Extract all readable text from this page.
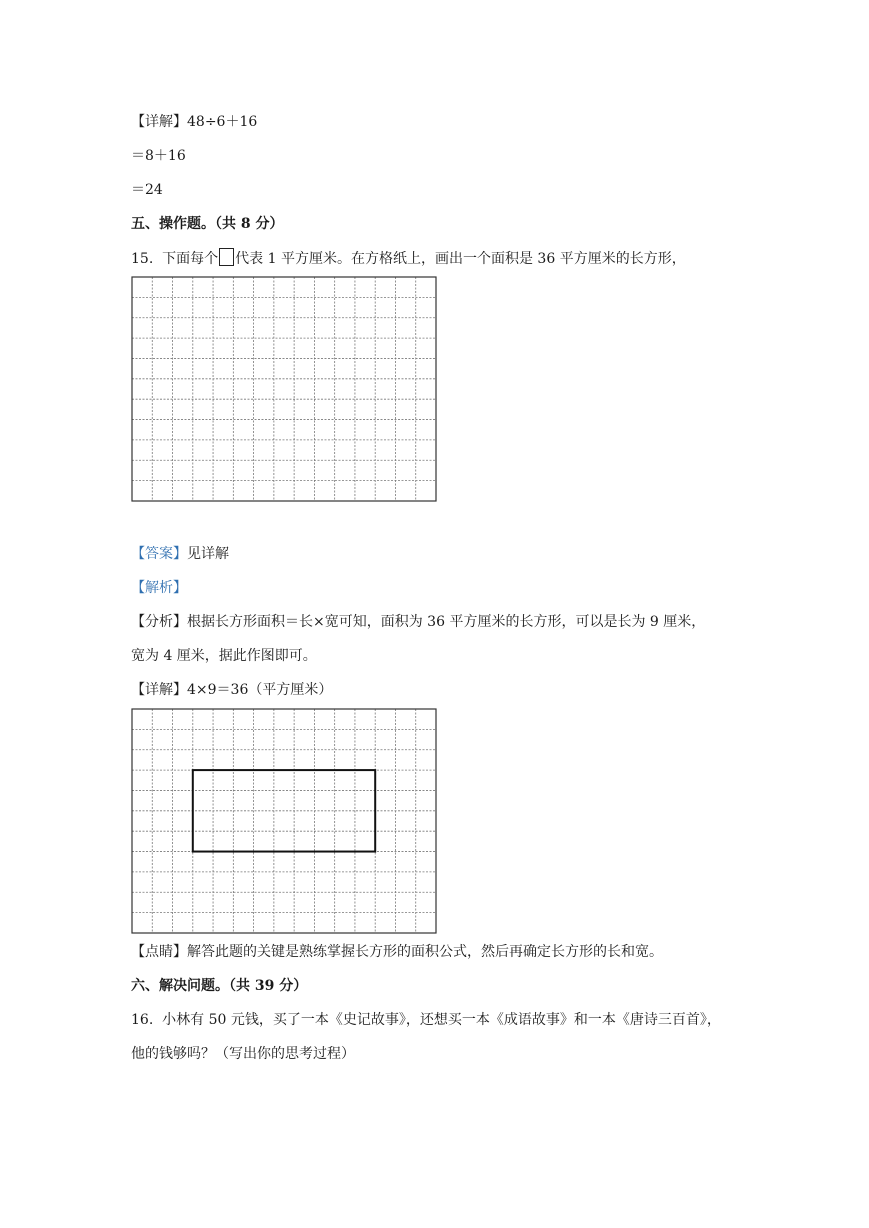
【详解】48÷6＋16
＝8＋16
＝24
五、操作题。（共 8 分）
15. 下面每个 代表 1 平方厘米。在方格纸上，画出一个面积是 36 平方厘米的长方形，
【答案】见详解
【解析】
【分析】根据长方形面积＝长×宽可知，面积为 36 平方厘米的长方形，可以是长为 9 厘米，
宽为 4 厘米，据此作图即可。
【详解】4×9＝36（平方厘米）
【点睛】解答此题的关键是熟练掌握长方形的面积公式，然后再确定长方形的长和宽。
六、解决问题。（共 39 分）
16. 小林有 50 元钱，买了一本《史记故事》，还想买一本《成语故事》和一本《唐诗三百首》，
他的钱够吗？（写出你的思考过程）
